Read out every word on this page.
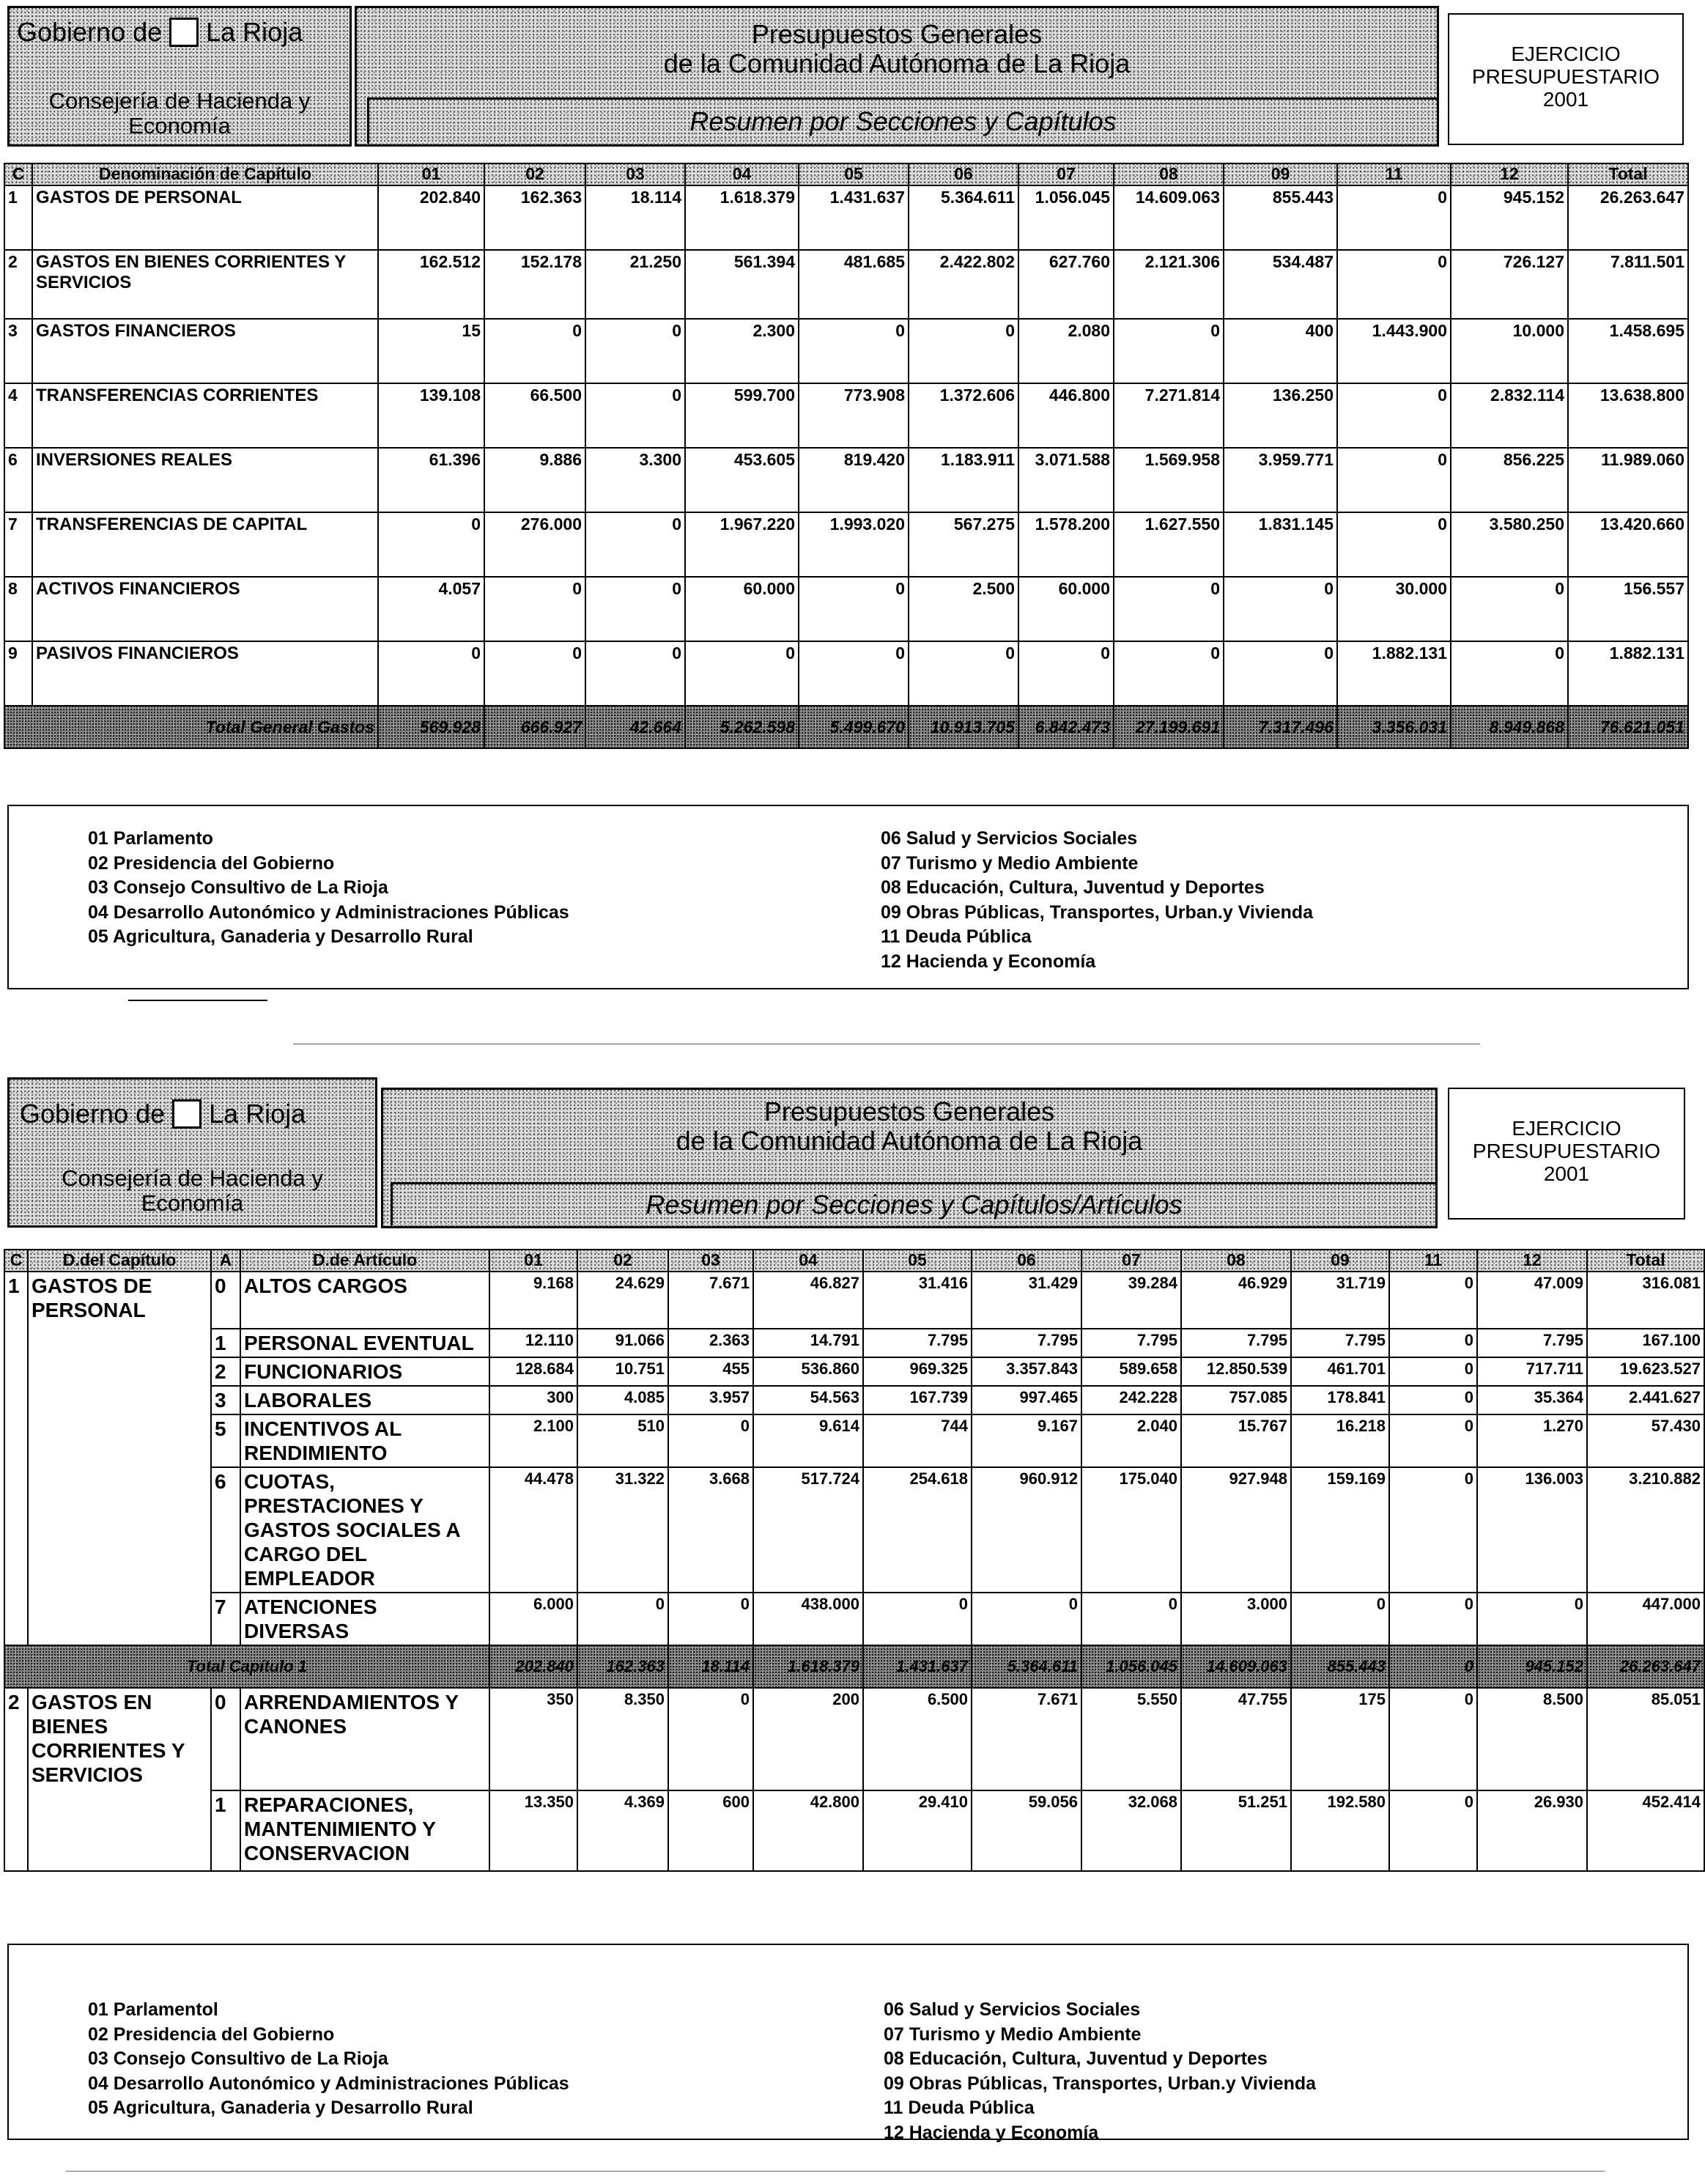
Gobierno de La Rioja
Consejería de Hacienda y
Economía
Presupuestos Generales
de la Comunidad Autónoma de La Rioja
Resumen por Secciones y Capítulos
EJERCICIO
PRESUPUESTARIO
2001
C	Denominación de Capítulo	01	02	03	04	05	06	07	08	09	11	12	Total
1	GASTOS DE PERSONAL	202.840	162.363	18.114	1.618.379	1.431.637	5.364.611	1.056.045	14.609.063	855.443	0	945.152	26.263.647
2	GASTOS EN BIENES CORRIENTES Y SERVICIOS	162.512	152.178	21.250	561.394	481.685	2.422.802	627.760	2.121.306	534.487	0	726.127	7.811.501
3	GASTOS FINANCIEROS	15	0	0	2.300	0	0	2.080	0	400	1.443.900	10.000	1.458.695
4	TRANSFERENCIAS CORRIENTES	139.108	66.500	0	599.700	773.908	1.372.606	446.800	7.271.814	136.250	0	2.832.114	13.638.800
6	INVERSIONES REALES	61.396	9.886	3.300	453.605	819.420	1.183.911	3.071.588	1.569.958	3.959.771	0	856.225	11.989.060
7	TRANSFERENCIAS DE CAPITAL	0	276.000	0	1.967.220	1.993.020	567.275	1.578.200	1.627.550	1.831.145	0	3.580.250	13.420.660
8	ACTIVOS FINANCIEROS	4.057	0	0	60.000	0	2.500	60.000	0	0	30.000	0	156.557
9	PASIVOS FINANCIEROS	0	0	0	0	0	0	0	0	0	1.882.131	0	1.882.131
Total General Gastos		569.928	666.927	42.664	5.262.598	5.499.670	10.913.705	6.842.473	27.199.691	7.317.496	3.356.031	8.949.868	76.621.051
01 Parlamento
02 Presidencia del Gobierno
03 Consejo Consultivo de La Rioja
04 Desarrollo Autonómico y Administraciones Públicas
05 Agricultura, Ganaderia y Desarrollo Rural
06 Salud y Servicios Sociales
07 Turismo y Medio Ambiente
08 Educación, Cultura, Juventud y Deportes
09 Obras Públicas, Transportes, Urban.y Vivienda
11 Deuda Pública
12 Hacienda y Economía
Gobierno de La Rioja
Consejería de Hacienda y
Economía
Presupuestos Generales
de la Comunidad Autónoma de La Rioja
Resumen por Secciones y Capítulos/Artículos
EJERCICIO
PRESUPUESTARIO
2001
C	D.del Capítulo	A	D.de Artículo	01	02	03	04	05	06	07	08	09	11	12	Total
1	GASTOS DE PERSONAL	0	ALTOS CARGOS	9.168	24.629	7.671	46.827	31.416	31.429	39.284	46.929	31.719	0	47.009	316.081
		1	PERSONAL EVENTUAL	12.110	91.066	2.363	14.791	7.795	7.795	7.795	7.795	7.795	0	7.795	167.100
		2	FUNCIONARIOS	128.684	10.751	455	536.860	969.325	3.357.843	589.658	12.850.539	461.701	0	717.711	19.623.527
		3	LABORALES	300	4.085	3.957	54.563	167.739	997.465	242.228	757.085	178.841	0	35.364	2.441.627
		5	INCENTIVOS AL RENDIMIENTO	2.100	510	0	9.614	744	9.167	2.040	15.767	16.218	0	1.270	57.430
		6	CUOTAS, PRESTACIONES Y GASTOS SOCIALES A CARGO DEL EMPLEADOR	44.478	31.322	3.668	517.724	254.618	960.912	175.040	927.948	159.169	0	136.003	3.210.882
		7	ATENCIONES DIVERSAS	6.000	0	0	438.000	0	0	0	3.000	0	0	0	447.000
Total Capítulo 1				202.840	162.363	18.114	1.618.379	1.431.637	5.364.611	1.056.045	14.609.063	855.443	0	945.152	26.263.647
2	GASTOS EN BIENES CORRIENTES Y SERVICIOS	0	ARRENDAMIENTOS Y CANONES	350	8.350	0	200	6.500	7.671	5.550	47.755	175	0	8.500	85.051
		1	REPARACIONES, MANTENIMIENTO Y CONSERVACION	13.350	4.369	600	42.800	29.410	59.056	32.068	51.251	192.580	0	26.930	452.414
01 Parlamentol
02 Presidencia del Gobierno
03 Consejo Consultivo de La Rioja
04 Desarrollo Autonómico y Administraciones Públicas
05 Agricultura, Ganaderia y Desarrollo Rural
06 Salud y Servicios Sociales
07 Turismo y Medio Ambiente
08 Educación, Cultura, Juventud y Deportes
09 Obras Públicas, Transportes, Urban.y Vivienda
11 Deuda Pública
12 Hacienda y Economía
